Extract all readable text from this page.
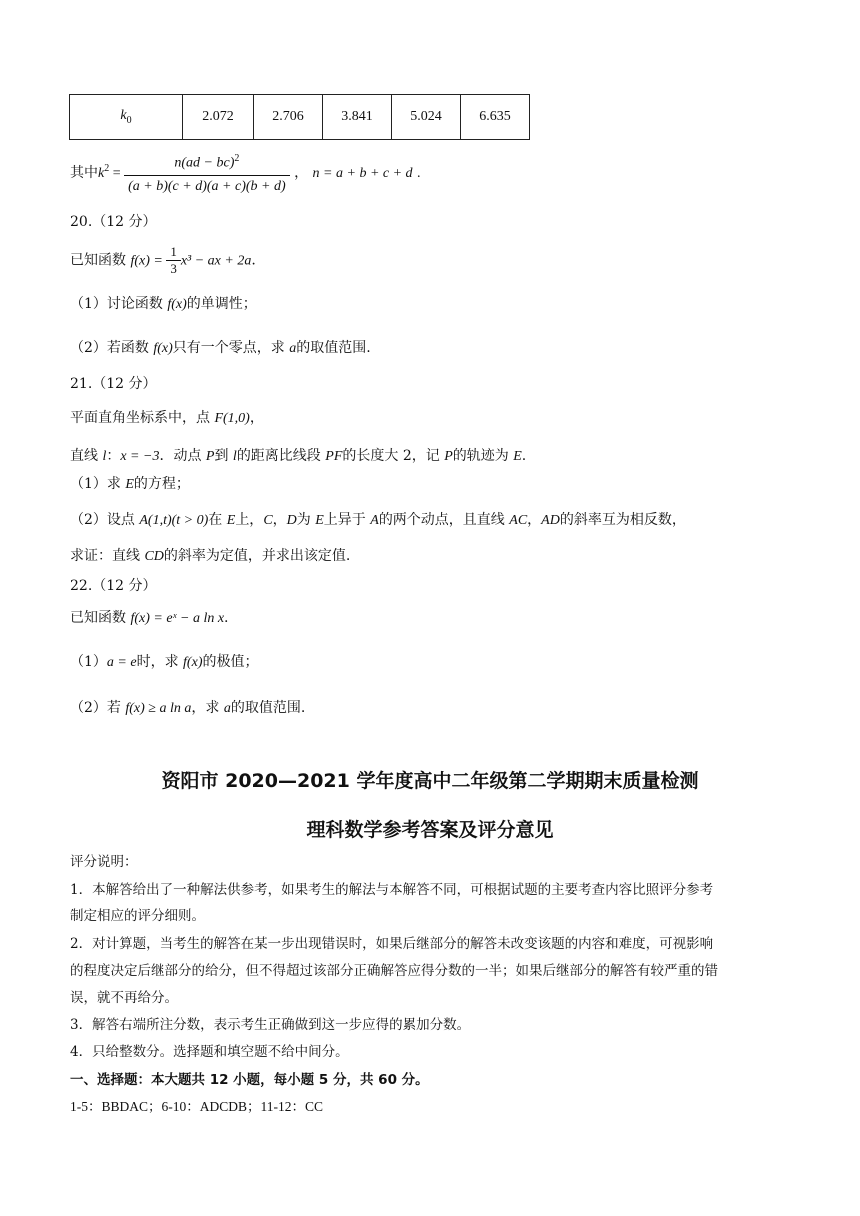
$k_0$	2.072	2.706	3.841	5.024	6.635
其中$k^2 = \frac{n(ad - bc)^2}{(a + b)(c + d)(a + c)(b + d)}$ ， n = a + b + c + d .
20.（12 分）
已知函数 $f(x) = \frac{1}{3} x^3$ − ax + 2a.
（1）讨论函数 f(x)的单调性；
（2）若函数 f(x)只有一个零点，求 a的取值范围.
21.（12 分）
平面直角坐标系中，点 F(1,0)，
直线 l：x = −3．动点 P到 l的距离比线段 PF的长度大 2，记 P的轨迹为 E.
（1）求 E的方程；
（2）设点 A(1,t)(t > 0)在 E上，C，D为 E上异于 A的两个动点，且直线 AC，AD的斜率互为相反数，
求证：直线 CD的斜率为定值，并求出该定值.
22.（12 分）
已知函数 f(x) = eˣ − a ln x.
（1）a = e时，求 f(x)的极值；
（2）若 f(x) ≥ a ln a，求 a的取值范围.
资阳市 2020—2021 学年度高中二年级第二学期期末质量检测
理科数学参考答案及评分意见
评分说明：
1．本解答给出了一种解法供参考，如果考生的解法与本解答不同，可根据试题的主要考查内容比照评分参考
制定相应的评分细则。
2．对计算题，当考生的解答在某一步出现错误时，如果后继部分的解答未改变该题的内容和难度，可视影响
的程度决定后继部分的给分，但不得超过该部分正确解答应得分数的一半；如果后继部分的解答有较严重的错
误，就不再给分。
3．解答右端所注分数，表示考生正确做到这一步应得的累加分数。
4．只给整数分。选择题和填空题不给中间分。
一、选择题：本大题共 12 小题，每小题 5 分，共 60 分。
1-5：BBDAC；6-10：ADCDB；11-12：CC
